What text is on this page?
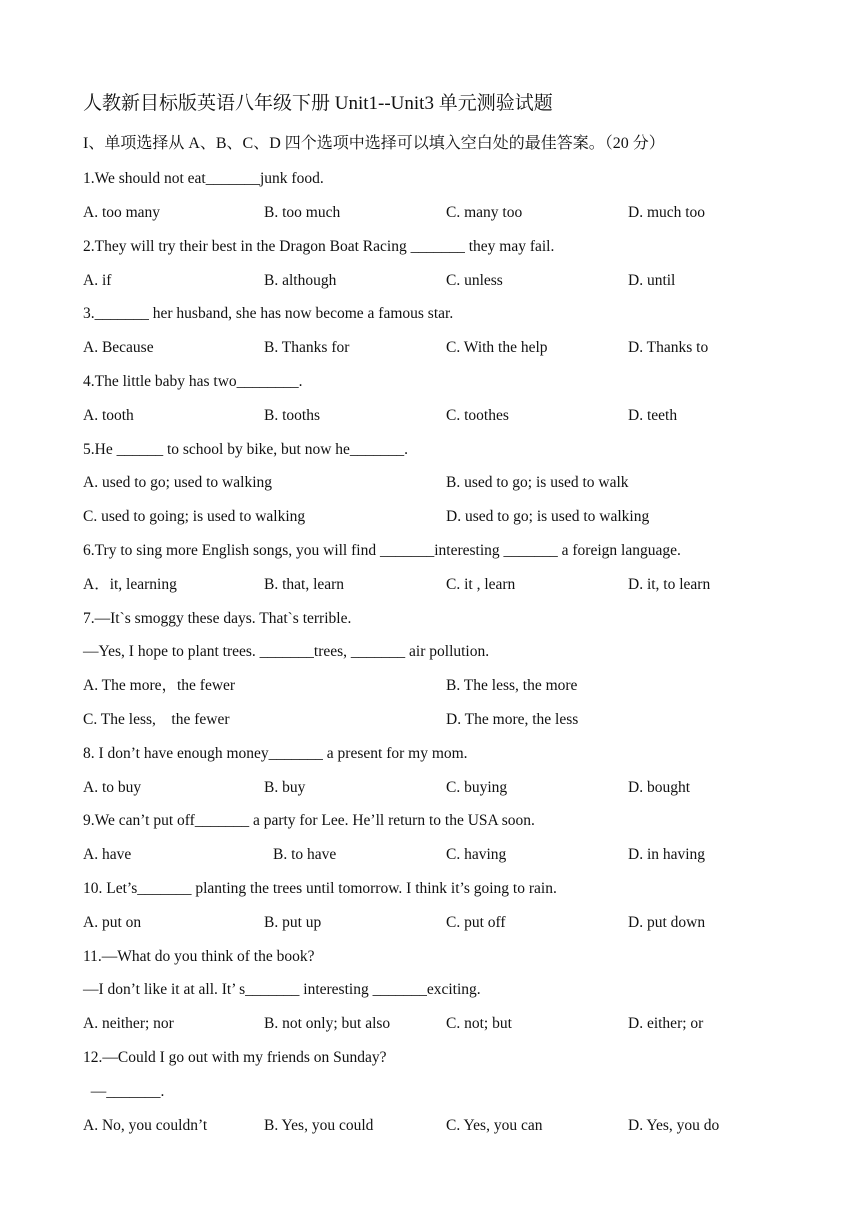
人教新目标版英语八年级下册 Unit1--Unit3 单元测验试题
I、单项选择从 A、B、C、D 四个选项中选择可以填入空白处的最佳答案。（20 分）
1.We should not eat_______junk food.
A. too many	B. too much	C. many too	D. much too
2.They will try their best in the Dragon Boat Racing _______ they may fail.
A. if	B. although	C. unless	D. until
3._______ her husband, she has now become a famous star.
A. Because	B. Thanks for	C. With the help	D. Thanks to
4.The little baby has two________.
A. tooth	B. tooths	C. toothes	D. teeth
5.He ______ to school by bike, but now he_______.
A. used to go; used to walking	B. used to go; is used to walk
C. used to going; is used to walking	D. used to go; is used to walking
6.Try to sing more English songs, you will find _______interesting _______ a foreign language.
A．it, learning	B. that, learn	C. it , learn	D. it, to learn
7.—It`s smoggy these days. That`s terrible.
—Yes, I hope to plant trees. _______trees, _______ air pollution.
A. The more，the fewer	B. The less, the more
C. The less,    the fewer	D. The more, the less
8. I don’t have enough money_______ a present for my mom.
A. to buy	B. buy	C. buying	D. bought
9.We can’t put off_______ a party for Lee. He’ll return to the USA soon.
A. have	B. to have	C. having	D. in having
10. Let’s_______ planting the trees until tomorrow. I think it’s going to rain.
A. put on	B. put up	C. put off	D. put down
11.—What do you think of the book?
—I don’t like it at all. It’ s_______ interesting _______exciting.
A. neither; nor	B. not only; but also	C. not; but	D. either; or
12.—Could I go out with my friends on Sunday?
—_______.
A. No, you couldn’t	B. Yes, you could	C. Yes, you can	D. Yes, you do
